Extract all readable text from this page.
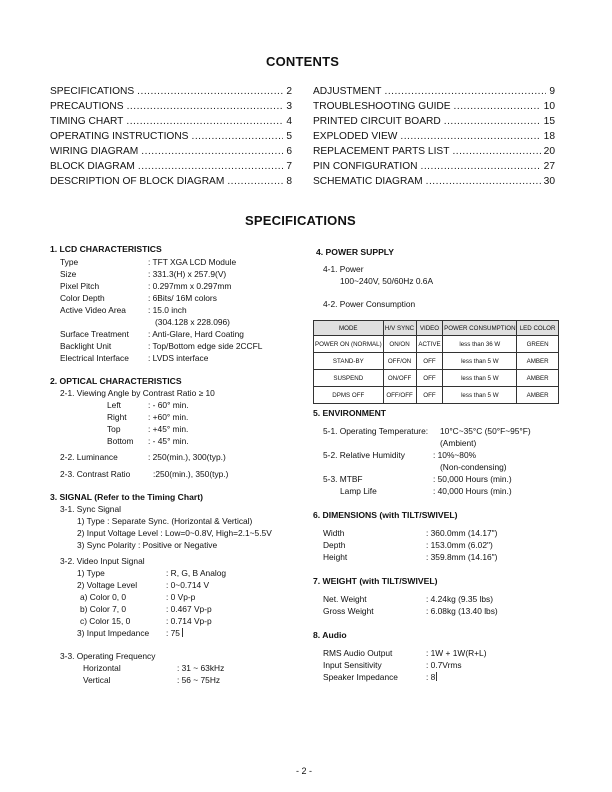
CONTENTS
SPECIFICATIONS .....	2
PRECAUTIONS .....	3
TIMING CHART .....	4
OPERATING INSTRUCTIONS .....	5
WIRING DIAGRAM .....	6
BLOCK DIAGRAM .....	7
DESCRIPTION OF BLOCK DIAGRAM .....	8
ADJUSTMENT .....	9
TROUBLESHOOTING GUIDE .....	10
PRINTED CIRCUIT BOARD .....	15
EXPLODED VIEW .....	18
REPLACEMENT PARTS LIST .....	20
PIN CONFIGURATION .....	27
SCHEMATIC DIAGRAM .....	30
SPECIFICATIONS
1. LCD CHARACTERISTICS
Type	: TFT XGA LCD Module
Size	: 331.3(H) x 257.9(V)
Pixel Pitch	: 0.297mm x 0.297mm
Color Depth	: 6Bits/ 16M colors
Active Video Area	: 15.0 inch
(304.128 x 228.096)
Surface Treatment : Anti-Glare, Hard Coating
Backlight Unit	: Top/Bottom edge side 2CCFL
Electrical Interface : LVDS interface
2. OPTICAL CHARACTERISTICS
2-1. Viewing Angle by Contrast Ratio ≥ 10
Left	: - 60° min.
Right	: +60° min.
Top	: +45° min.
Bottom : - 45° min.
2-2. Luminance	: 250(min.), 300(typ.)
2-3. Contrast Ratio	:250(min.), 350(typ.)
3. SIGNAL (Refer to the Timing Chart)
3-1. Sync Signal
1) Type : Separate Sync. (Horizontal & Vertical)
2) Input Voltage Level : Low=0~0.8V, High=2.1~5.5V
3) Sync Polarity : Positive or Negative
3-2. Video Input Signal
1) Type	: R, G, B Analog
2) Voltage Level	: 0~0.714 V
a) Color 0, 0	: 0 Vp-p
b) Color 7, 0	: 0.467 Vp-p
c) Color 15, 0	: 0.714 Vp-p
3) Input Impedance : 75
3-3. Operating Frequency
Horizontal	: 31 ~ 63kHz
Vertical	: 56 ~ 75Hz
4. POWER SUPPLY
4-1. Power
100~240V, 50/60Hz 0.6A
4-2. Power Consumption
MODE	H/V SYNC	VIDEO	POWER CONSUMPTION	LED COLOR
POWER ON (NORMAL)	ON/ON	ACTIVE	less than 36 W	GREEN
STAND-BY	OFF/ON	OFF	less than 5 W	AMBER
SUSPEND	ON/OFF	OFF	less than 5 W	AMBER
DPMS OFF	OFF/OFF	OFF	less than 5 W	AMBER
5. ENVIRONMENT
5-1. Operating Temperature: 10°C~35°C (50°F~95°F)
(Ambient)
5-2. Relative Humidity	: 10%~80%
(Non-condensing)
5-3. MTBF	: 50,000 Hours (min.)
Lamp Life	: 40,000 Hours (min.)
6. DIMENSIONS (with TILT/SWIVEL)
Width	: 360.0mm (14.17")
Depth	: 153.0mm (6.02")
Height	: 359.8mm (14.16")
7. WEIGHT (with TILT/SWIVEL)
Net. Weight	: 4.24kg (9.35 lbs)
Gross Weight	: 6.08kg (13.40 lbs)
8. Audio
RMS Audio Output	: 1W + 1W(R+L)
Input Sensitivity	: 0.7Vrms
Speaker Impedance	: 8
- 2 -
